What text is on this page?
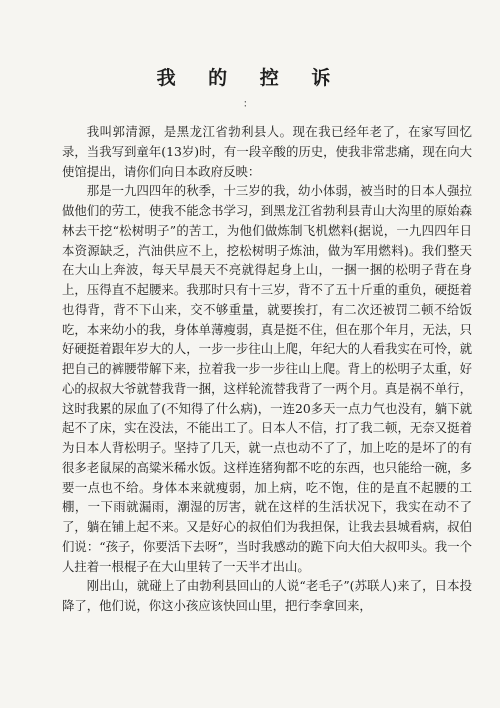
我 的 控 诉
：

我叫郭清源，是黑龙江省勃利县人。现在我已经年老了，在家写回忆录，当我写到童年(13岁)时，有一段辛酸的历史，使我非常悲痛，现在向大使馆提出，请你们向日本政府反映：

那是一九四四年的秋季，十三岁的我，幼小体弱，被当时的日本人强拉做他们的劳工，使我不能念书学习，到黑龙江省勃利县青山大沟里的原始森林去干挖“松树明子”的苦工，为他们做炼制飞机燃料(据说，一九四四年日本资源缺乏，汽油供应不上，挖松树明子炼油，做为军用燃料)。我们整天在大山上奔波，每天早晨天不亮就得起身上山，一捆一捆的松明子背在身上，压得直不起腰来。我那时只有十三岁，背不了五十斤重的重负，硬挺着也得背，背不下山来，交不够重量，就要挨打，有二次还被罚二顿不给饭吃，本来幼小的我，身体单薄瘦弱，真是挺不住，但在那个年月，无法，只好硬挺着跟年岁大的人，一步一步往山上爬，年纪大的人看我实在可怜，就把自己的裤腰带解下来，拉着我一步一步往山上爬。背上的松明子太重，好心的叔叔大爷就替我背一捆，这样轮流替我背了一两个月。真是祸不单行，这时我累的尿血了(不知得了什么病)，一连20多天一点力气也没有，躺下就起不了床，实在没法，不能出工了。日本人不信，打了我二顿，无奈又挺着为日本人背松明子。坚持了几天，就一点也动不了了，加上吃的是坏了的有很多老鼠屎的高粱米稀水饭。这样连猪狗都不吃的东西，也只能给一碗，多要一点也不给。身体本来就瘦弱，加上病，吃不饱，住的是直不起腰的工棚，一下雨就漏雨，潮湿的厉害，就在这样的生活状况下，我实在动不了了，躺在铺上起不来。又是好心的叔伯们为我担保，让我去县城看病，叔伯们说：“孩子，你要活下去呀”，当时我感动的跪下向大伯大叔叩头。我一个人拄着一根棍子在大山里转了一天半才出山。

刚出山，就碰上了由勃利县回山的人说“老毛子”(苏联人)来了，日本投降了，他们说，你这小孩应该快回山里，把行李拿回来，
